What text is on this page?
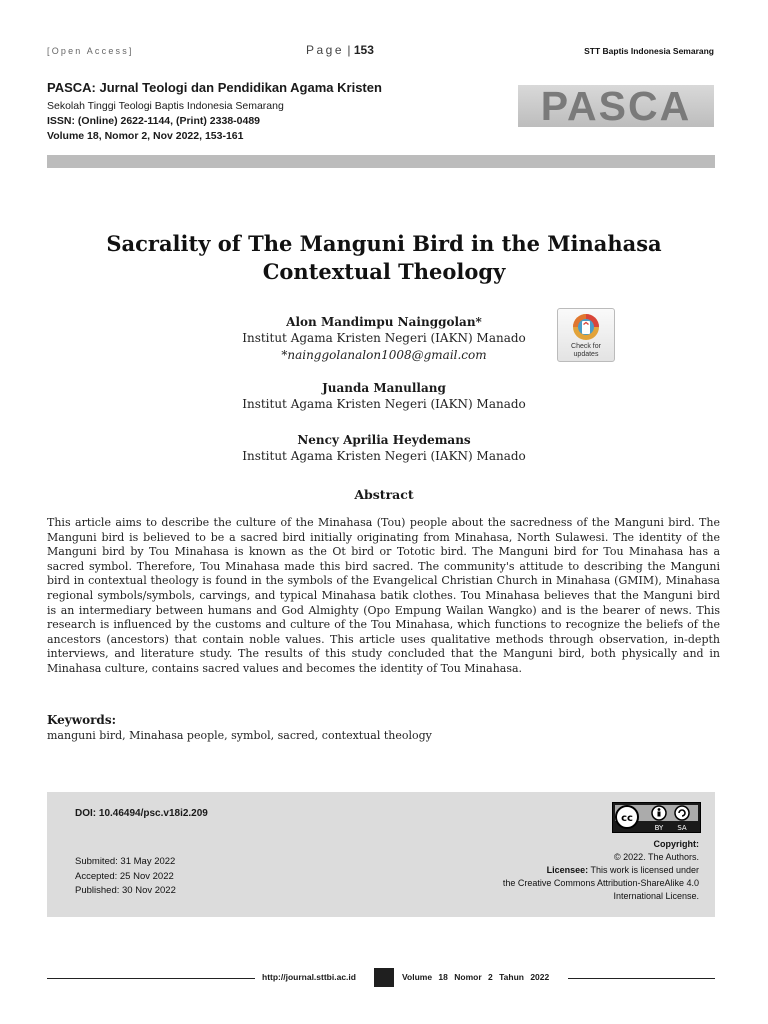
[Open Access]	Page | 153	STT Baptis Indonesia Semarang
PASCA: Jurnal Teologi dan Pendidikan Agama Kristen
Sekolah Tinggi Teologi Baptis Indonesia Semarang
ISSN: (Online) 2622-1144, (Print) 2338-0489
Volume 18, Nomor 2, Nov 2022, 153-161
PASCA
Sacrality of The Manguni Bird in the Minahasa
Contextual Theology
Alon Mandimpu Nainggolan*
Institut Agama Kristen Negeri (IAKN) Manado
*nainggolanalon1008@gmail.com
Juanda Manullang
Institut Agama Kristen Negeri (IAKN) Manado
Nency Aprilia Heydemans
Institut Agama Kristen Negeri (IAKN) Manado
Check for updates
Abstract

This article aims to describe the culture of the Minahasa (Tou) people about the sacredness of the Manguni bird. The Manguni bird is believed to be a sacred bird initially originating from Minahasa, North Sulawesi. The identity of the Manguni bird by Tou Minahasa is known as the Ot bird or Tototic bird. The Manguni bird for Tou Minahasa has a sacred symbol. Therefore, Tou Minahasa made this bird sacred. The community's attitude to describing the Manguni bird in contextual theology is found in the symbols of the Evangelical Christian Church in Minahasa (GMIM), Minahasa regional symbols/symbols, carvings, and typical Minahasa batik clothes. Tou Minahasa believes that the Manguni bird is an intermediary between humans and God Almighty (Opo Empung Wailan Wangko) and is the bearer of news. This research is influenced by the customs and culture of the Tou Minahasa, which functions to recognize the beliefs of the ancestors (ancestors) that contain noble values. This article uses qualitative methods through observation, in-depth interviews, and literature study. The results of this study concluded that the Manguni bird, both physically and in Minahasa culture, contains sacred values and becomes the identity of Tou Minahasa.

Keywords:
manguni bird, Minahasa people, symbol, sacred, contextual theology
DOI: 10.46494/psc.v18i2.209
Submited: 31 May 2022
Accepted: 25 Nov 2022
Published: 30 Nov 2022
cc
BY SA
Copyright:
© 2022. The Authors.
Licensee: This work is licensed under
the Creative Commons Attribution-ShareAlike 4.0
International License.
http://journal.sttbi.ac.id	Volume 18 Nomor 2 Tahun 2022
